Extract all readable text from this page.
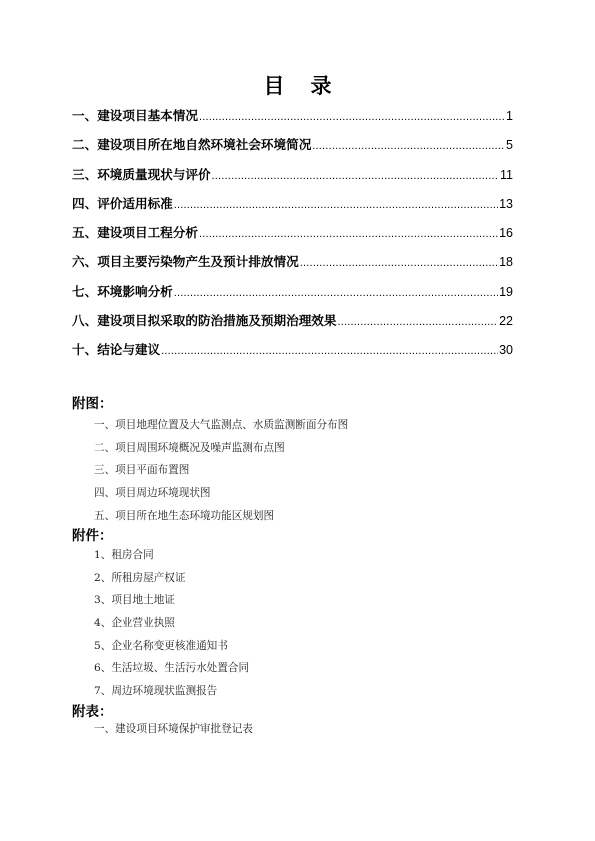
目 录
一、建设项目基本情况 .....	1
二、建设项目所在地自然环境社会环境简况 .....	5
三、环境质量现状与评价 .....	11
四、评价适用标准 .....	13
五、建设项目工程分析 .....	16
六、项目主要污染物产生及预计排放情况 .....	18
七、环境影响分析 .....	19
八、建设项目拟采取的防治措施及预期治理效果 .....	22
十、结论与建议 .....	30
附图：
一、项目地理位置及大气监测点、水质监测断面分布图
二、项目周围环境概况及噪声监测布点图
三、项目平面布置图
四、项目周边环境现状图
五、项目所在地生态环境功能区规划图
附件：
1、租房合同
2、所租房屋产权证
3、项目地土地证
4、企业营业执照
5、企业名称变更核准通知书
6、生活垃圾、生活污水处置合同
7、周边环境现状监测报告
附表：
一、建设项目环境保护审批登记表
